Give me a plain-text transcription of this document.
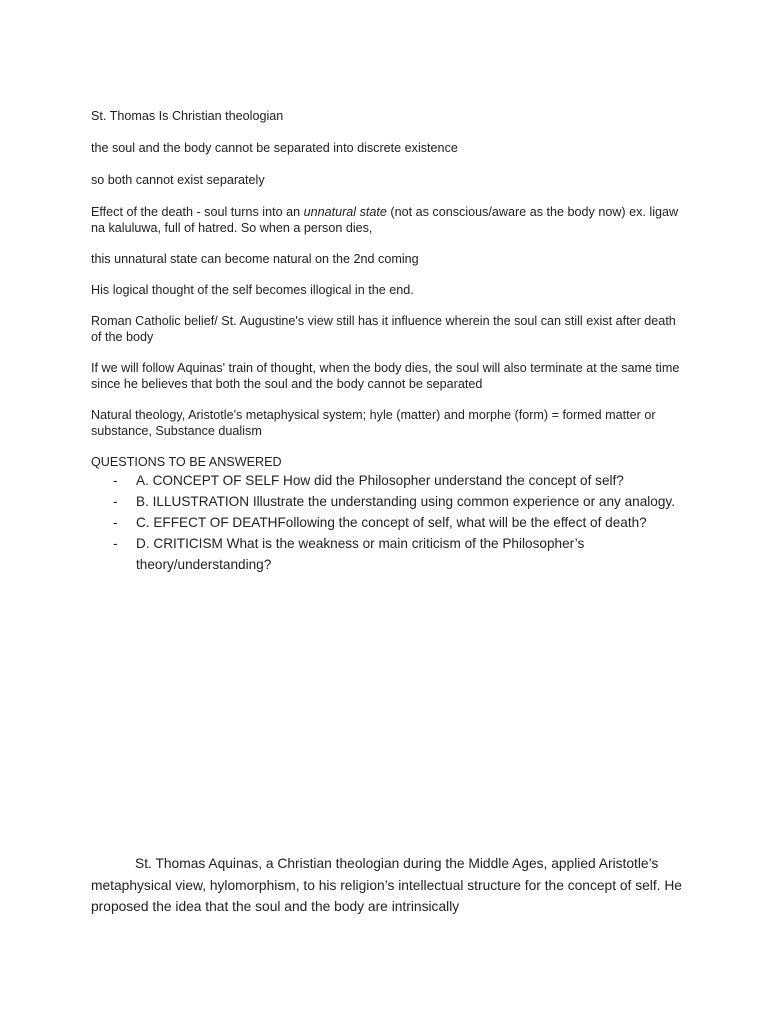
St. Thomas Is Christian theologian

the soul and the body cannot be separated into discrete existence

so both cannot exist separately

Effect of the death - soul turns into an unnatural state (not as conscious/aware as the body now) ex. ligaw na kaluluwa, full of hatred. So when a person dies,

this unnatural state can become natural on the 2nd coming

His logical thought of the self becomes illogical in the end.

Roman Catholic belief/ St. Augustine's view still has it influence wherein the soul can still exist after death of the body

If we will follow Aquinas' train of thought, when the body dies, the soul will also terminate at the same time since he believes that both the soul and the body cannot be separated

Natural theology, Aristotle's metaphysical system; hyle (matter) and morphe (form) = formed matter or substance, Substance dualism

QUESTIONS TO BE ANSWERED

- A. CONCEPT OF SELF How did the Philosopher understand the concept of self?
- B. ILLUSTRATION Illustrate the understanding using common experience or any analogy.
- C. EFFECT OF DEATHFollowing the concept of self, what will be the effect of death?
- D. CRITICISM What is the weakness or main criticism of the Philosopher’s theory/understanding?

St. Thomas Aquinas, a Christian theologian during the Middle Ages, applied Aristotle’s metaphysical view, hylomorphism, to his religion’s intellectual structure for the concept of self. He proposed the idea that the soul and the body are intrinsically
